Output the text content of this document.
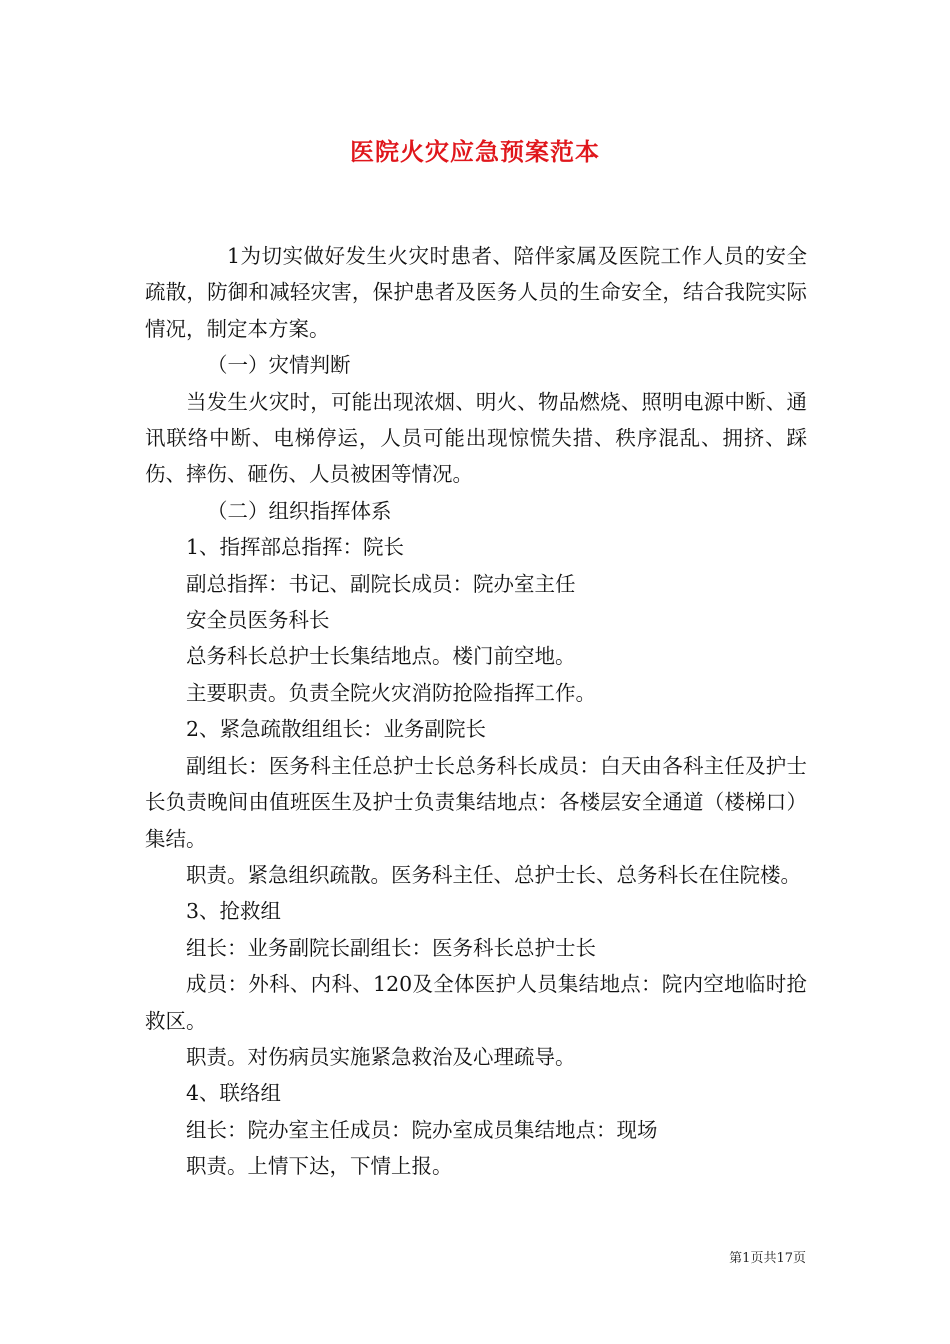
医院火灾应急预案范本

1为切实做好发生火灾时患者、陪伴家属及医院工作人员的安全疏散，防御和减轻灾害，保护患者及医务人员的生命安全，结合我院实际情况，制定本方案。

（一）灾情判断

当发生火灾时，可能出现浓烟、明火、物品燃烧、照明电源中断、通讯联络中断、电梯停运，人员可能出现惊慌失措、秩序混乱、拥挤、踩伤、摔伤、砸伤、人员被困等情况。

（二）组织指挥体系

1、指挥部总指挥：院长

副总指挥：书记、副院长成员：院办室主任

安全员医务科长

总务科长总护士长集结地点。楼门前空地。

主要职责。负责全院火灾消防抢险指挥工作。

2、紧急疏散组组长：业务副院长

副组长：医务科主任总护士长总务科长成员：白天由各科主任及护士长负责晚间由值班医生及护士负责集结地点：各楼层安全通道（楼梯口）集结。

职责。紧急组织疏散。医务科主任、总护士长、总务科长在住院楼。

3、抢救组

组长：业务副院长副组长：医务科长总护士长

成员：外科、内科、120及全体医护人员集结地点：院内空地临时抢救区。

职责。对伤病员实施紧急救治及心理疏导。

4、联络组

组长：院办室主任成员：院办室成员集结地点：现场

职责。上情下达，下情上报。

第1页共17页
